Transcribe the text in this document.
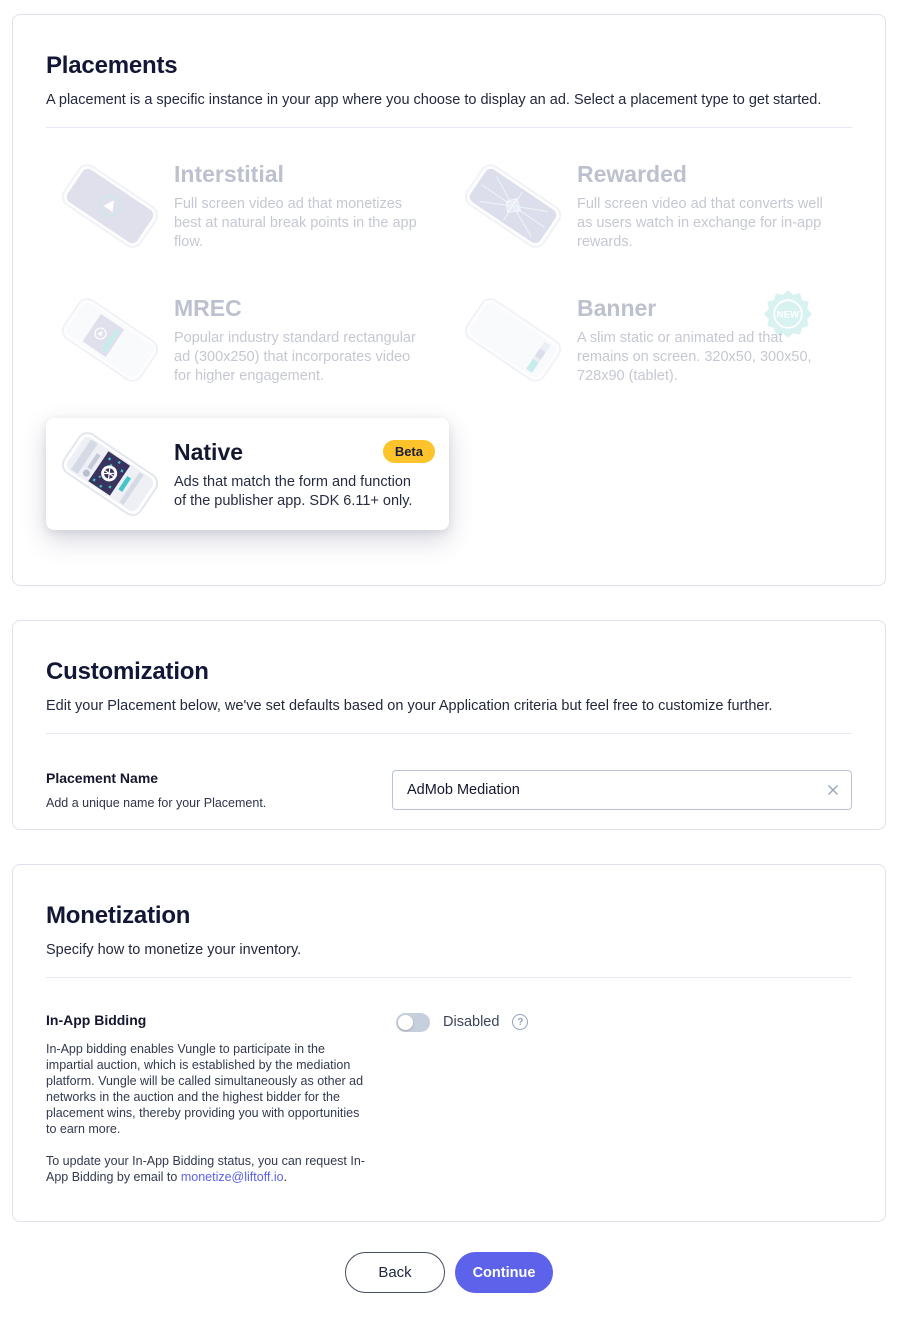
Placements

A placement is a specific instance in your app where you choose to display an ad. Select a placement type to get started.

Interstitial
Full screen video ad that monetizes best at natural break points in the app flow.
Rewarded
Full screen video ad that converts well as users watch in exchange for in-app rewards.
MREC
Popular industry standard rectangular ad (300x250) that incorporates video for higher engagement.
Banner
A slim static or animated ad that remains on screen. 320x50, 300x50, 728x90 (tablet).
NEW
Native	Beta
Ads that match the form and function of the publisher app. SDK 6.11+ only.
Customization

Edit your Placement below, we've set defaults based on your Application criteria but feel free to customize further.

Placement Name
Add a unique name for your Placement.
AdMob Mediation
Monetization

Specify how to monetize your inventory.

In-App Bidding

In-App bidding enables Vungle to participate in the impartial auction, which is established by the mediation platform. Vungle will be called simultaneously as other ad networks in the auction and the highest bidder for the placement wins, thereby providing you with opportunities to earn more.

To update your In-App Bidding status, you can request In-App Bidding by email to monetize@liftoff.io.

Disabled
?
Back	Continue
